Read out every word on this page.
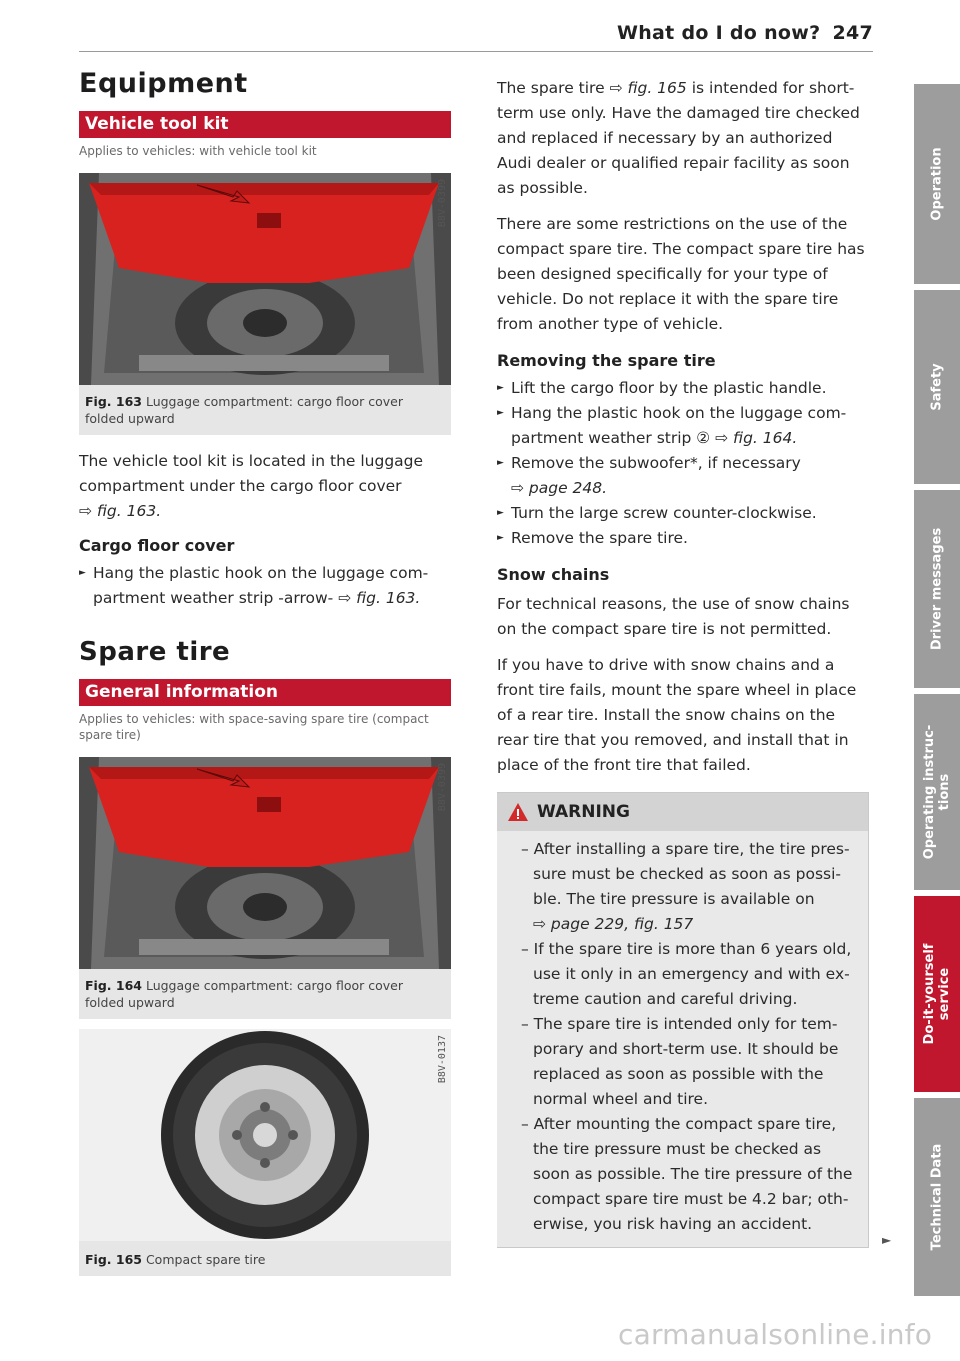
What do I do now? 247
Equipment
Vehicle tool kit
Applies to vehicles: with vehicle tool kit
B8V-0399
Fig. 163 Luggage compartment: cargo floor cover folded upward

The vehicle tool kit is located in the luggage compartment under the cargo floor cover
⇨ fig. 163.

Cargo floor cover
► Hang the plastic hook on the luggage com-partment weather strip -arrow- ⇨ fig. 163.
Spare tire
General information
Applies to vehicles: with space-saving spare tire (compact spare tire)
B8V-0399
Fig. 164 Luggage compartment: cargo floor cover folded upward
B8V-0137
Fig. 165 Compact spare tire

The spare tire ⇨ fig. 165 is intended for short-term use only. Have the damaged tire checked and replaced if necessary by an authorized Audi dealer or qualified repair facility as soon as possible.

There are some restrictions on the use of the compact spare tire. The compact spare tire has been designed specifically for your type of vehicle. Do not replace it with the spare tire from another type of vehicle.

Removing the spare tire
► Lift the cargo floor by the plastic handle.
► Hang the plastic hook on the luggage com-partment weather strip ② ⇨ fig. 164.
► Remove the subwoofer*, if necessary
⇨ page 248.
► Turn the large screw counter-clockwise.
► Remove the spare tire.
Snow chains

For technical reasons, the use of snow chains on the compact spare tire is not permitted.

If you have to drive with snow chains and a front tire fails, mount the spare wheel in place of a rear tire. Install the snow chains on the rear tire that you removed, and install that in place of the front tire that failed.

WARNING
– After installing a spare tire, the tire pres-sure must be checked as soon as possi-ble. The tire pressure is available on
⇨ page 229, fig. 157
– If the spare tire is more than 6 years old, use it only in an emergency and with ex-treme caution and careful driving.
– The spare tire is intended only for tem-porary and short-term use. It should be replaced as soon as possible with the normal wheel and tire.
– After mounting the compact spare tire, the tire pressure must be checked as soon as possible. The tire pressure of the compact spare tire must be 4.2 bar; oth-erwise, you risk having an accident.
►
Operation
Safety
Driver messages
Operating instruc-tions
Do-it-yourself service
Technical Data
carmanualsonline.info
